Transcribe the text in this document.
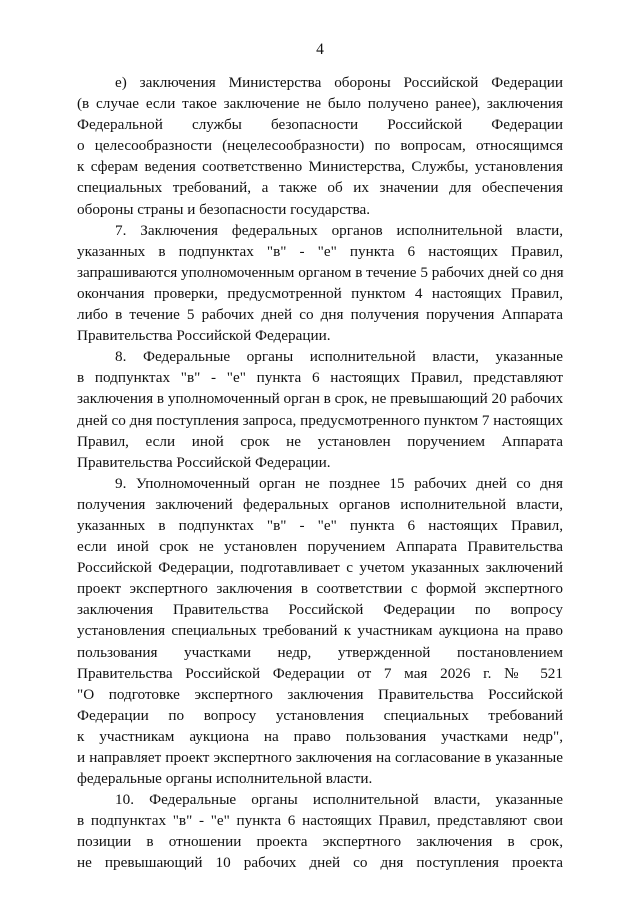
4

е) заключения Министерства обороны Российской Федерации
(в случае если такое заключение не было получено ранее), заключения
Федеральной службы безопасности Российской Федерации
о целесообразности (нецелесообразности) по вопросам, относящимся
к сферам ведения соответственно Министерства, Службы, установления
специальных требований, а также об их значении для обеспечения
обороны страны и безопасности государства.

7. Заключения федеральных органов исполнительной власти,
указанных в подпунктах "в" - "е" пункта 6 настоящих Правил,
запрашиваются уполномоченным органом в течение 5 рабочих дней со дня
окончания проверки, предусмотренной пунктом 4 настоящих Правил,
либо в течение 5 рабочих дней со дня получения поручения Аппарата
Правительства Российской Федерации.

8. Федеральные органы исполнительной власти, указанные
в подпунктах "в" - "е" пункта 6 настоящих Правил, представляют
заключения в уполномоченный орган в срок, не превышающий 20 рабочих
дней со дня поступления запроса, предусмотренного пунктом 7 настоящих
Правил, если иной срок не установлен поручением Аппарата
Правительства Российской Федерации.

9. Уполномоченный орган не позднее 15 рабочих дней со дня
получения заключений федеральных органов исполнительной власти,
указанных в подпунктах "в" - "е" пункта 6 настоящих Правил,
если иной срок не установлен поручением Аппарата Правительства
Российской Федерации, подготавливает с учетом указанных заключений
проект экспертного заключения в соответствии с формой экспертного
заключения Правительства Российской Федерации по вопросу
установления специальных требований к участникам аукциона на право
пользования участками недр, утвержденной постановлением
Правительства Российской Федерации от 7 мая 2026 г. № 521
"О подготовке экспертного заключения Правительства Российской
Федерации по вопросу установления специальных требований
к участникам аукциона на право пользования участками недр",
и направляет проект экспертного заключения на согласование в указанные
федеральные органы исполнительной власти.

10. Федеральные органы исполнительной власти, указанные
в подпунктах "в" - "е" пункта 6 настоящих Правил, представляют свои
позиции в отношении проекта экспертного заключения в срок,
не превышающий 10 рабочих дней со дня поступления проекта
